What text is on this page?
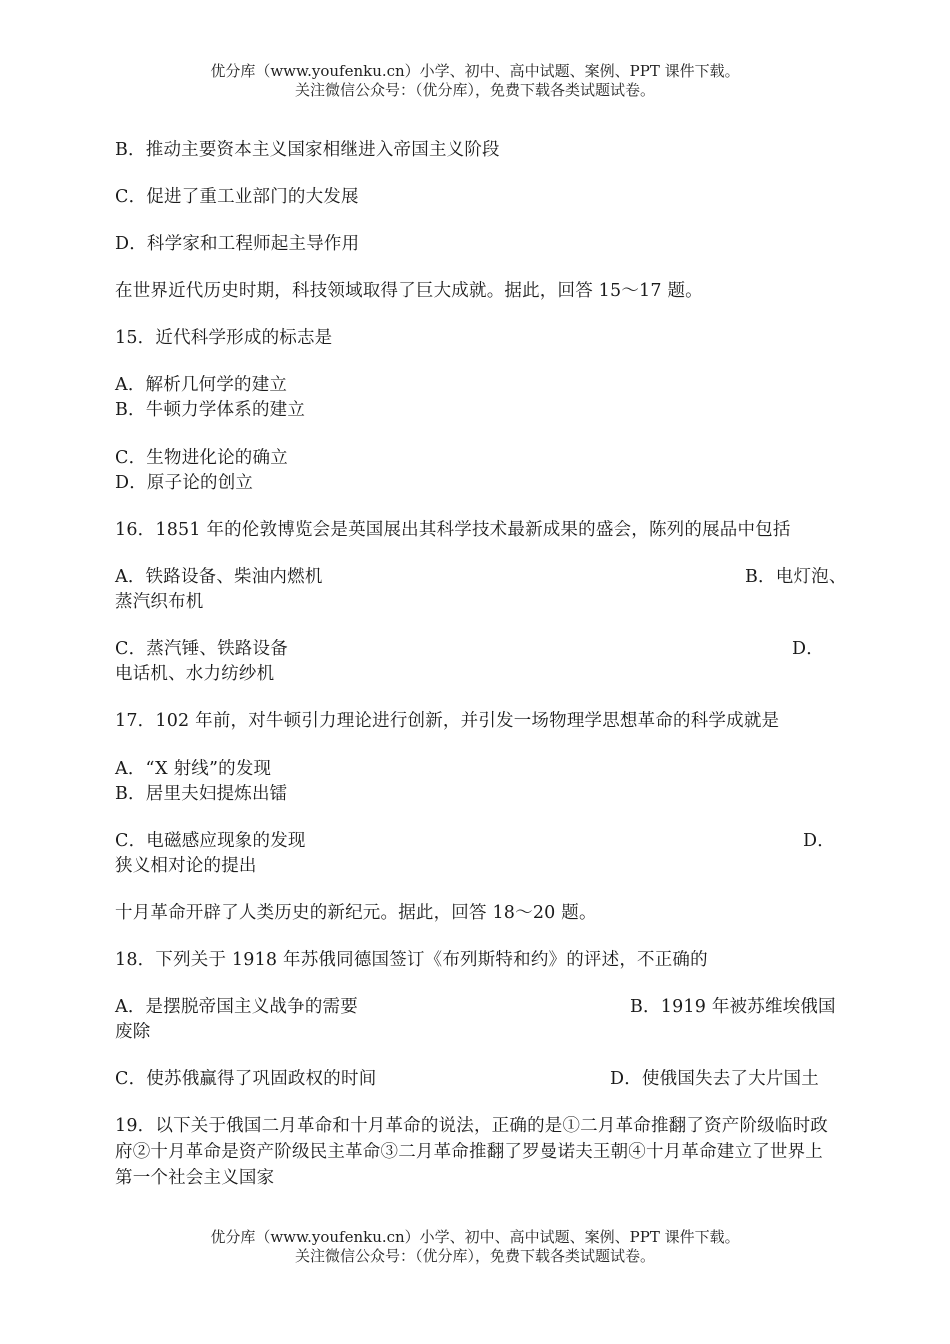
优分库（www.youfenku.cn）小学、初中、高中试题、案例、PPT 课件下载。
关注微信公众号：（优分库），免费下载各类试题试卷。
B．推动主要资本主义国家相继进入帝国主义阶段
C．促进了重工业部门的大发展
D．科学家和工程师起主导作用
在世界近代历史时期，科技领域取得了巨大成就。据此，回答 15～17 题。
15．近代科学形成的标志是
A．解析几何学的建立
B．牛顿力学体系的建立
C．生物进化论的确立
D．原子论的创立
16．1851 年的伦敦博览会是英国展出其科学技术最新成果的盛会，陈列的展品中包括
A．铁路设备、柴油内燃机	B．电灯泡、
蒸汽织布机
C．蒸汽锤、铁路设备	D．
电话机、水力纺纱机
17．102 年前，对牛顿引力理论进行创新，并引发一场物理学思想革命的科学成就是
A．“X 射线”的发现
B．居里夫妇提炼出镭
C．电磁感应现象的发现	D．
狭义相对论的提出
十月革命开辟了人类历史的新纪元。据此，回答 18～20 题。
18．下列关于 1918 年苏俄同德国签订《布列斯特和约》的评述，不正确的
A．是摆脱帝国主义战争的需要	B．1919 年被苏维埃俄国
废除
C．使苏俄赢得了巩固政权的时间	D．使俄国失去了大片国土
19．以下关于俄国二月革命和十月革命的说法，正确的是①二月革命推翻了资产阶级临时政府②十月革命是资产阶级民主革命③二月革命推翻了罗曼诺夫王朝④十月革命建立了世界上第一个社会主义国家
优分库（www.youfenku.cn）小学、初中、高中试题、案例、PPT 课件下载。
关注微信公众号：（优分库），免费下载各类试题试卷。
